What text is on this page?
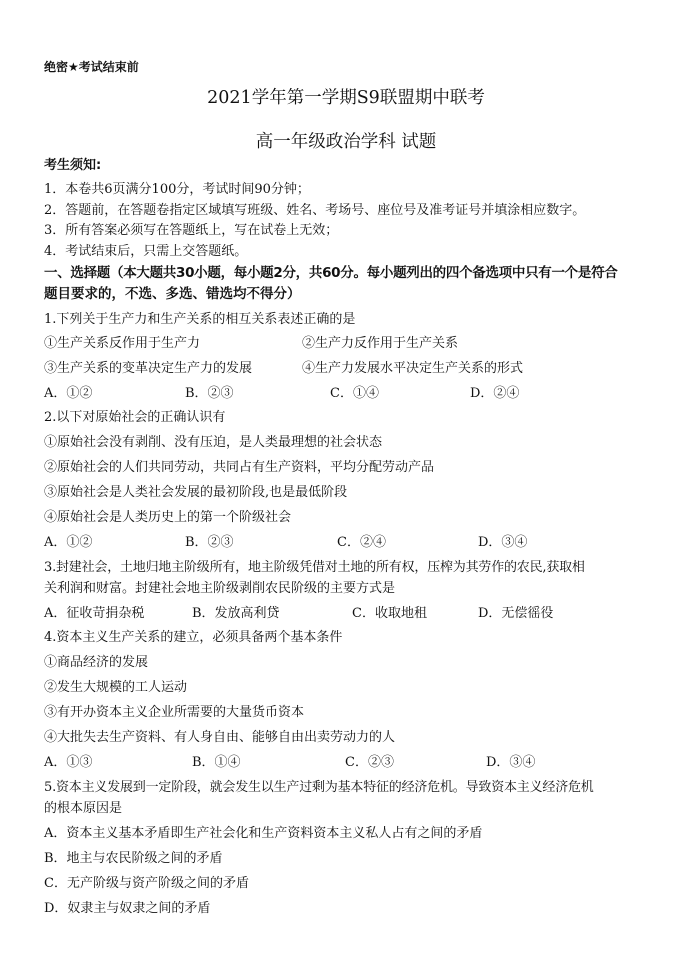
绝密★考试结束前
2021学年第一学期S9联盟期中联考
高一年级政治学科 试题
考生须知:
1．本卷共6页满分100分，考试时间90分钟；
2．答题前，在答题卷指定区域填写班级、姓名、考场号、座位号及准考证号并填涂相应数字。
3．所有答案必须写在答题纸上，写在试卷上无效；
4．考试结束后，只需上交答题纸。
一、选择题（本大题共30小题，每小题2分，共60分。每小题列出的四个备选项中只有一个是符合
题目要求的，不选、多选、错选均不得分）
1.下列关于生产力和生产关系的相互关系表述正确的是
①生产关系反作用于生产力	②生产力反作用于生产关系
③生产关系的变革决定生产力的发展	④生产力发展水平决定生产关系的形式
A．①②	B．②③	C．①④	D．②④
2.以下对原始社会的正确认识有
①原始社会没有剥削、没有压迫，是人类最理想的社会状态
②原始社会的人们共同劳动，共同占有生产资料，平均分配劳动产品
③原始社会是人类社会发展的最初阶段,也是最低阶段
④原始社会是人类历史上的第一个阶级社会
A．①②	B．②③	C．②④	D．③④
3.封建社会，土地归地主阶级所有，地主阶级凭借对土地的所有权，压榨为其劳作的农民,获取相
关利润和财富。封建社会地主阶级剥削农民阶级的主要方式是
A．征收苛捐杂税	B．发放高利贷	C．收取地租	D．无偿徭役
4.资本主义生产关系的建立，必须具备两个基本条件
①商品经济的发展
②发生大规模的工人运动
③有开办资本主义企业所需要的大量货币资本
④大批失去生产资料、有人身自由、能够自由出卖劳动力的人
A．①③	B．①④	C．②③	D．③④
5.资本主义发展到一定阶段，就会发生以生产过剩为基本特征的经济危机。导致资本主义经济危机
的根本原因是
A．资本主义基本矛盾即生产社会化和生产资料资本主义私人占有之间的矛盾
B．地主与农民阶级之间的矛盾
C．无产阶级与资产阶级之间的矛盾
D．奴隶主与奴隶之间的矛盾
